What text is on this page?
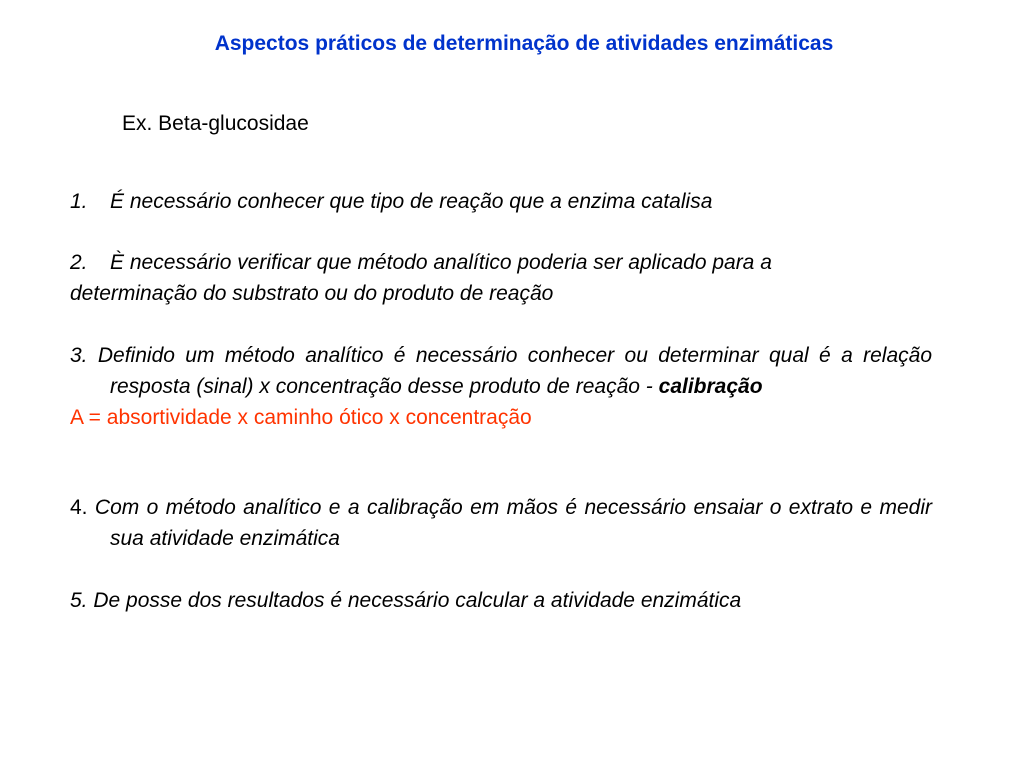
Aspectos práticos de determinação de atividades enzimáticas

Ex. Beta-glucosidae

1.	É necessário conhecer que tipo de reação que a enzima catalisa
2.	È necessário verificar que método analítico poderia ser aplicado para a
determinação do substrato ou do produto de reação
3. Definido um método analítico é necessário conhecer ou determinar qual é a relação resposta (sinal) x concentração desse produto de reação - calibração
A = absortividade x caminho ótico x concentração
4. Com o método analítico e a calibração em mãos é necessário ensaiar o extrato e medir sua atividade enzimática
5. De posse dos resultados é necessário calcular a atividade enzimática
